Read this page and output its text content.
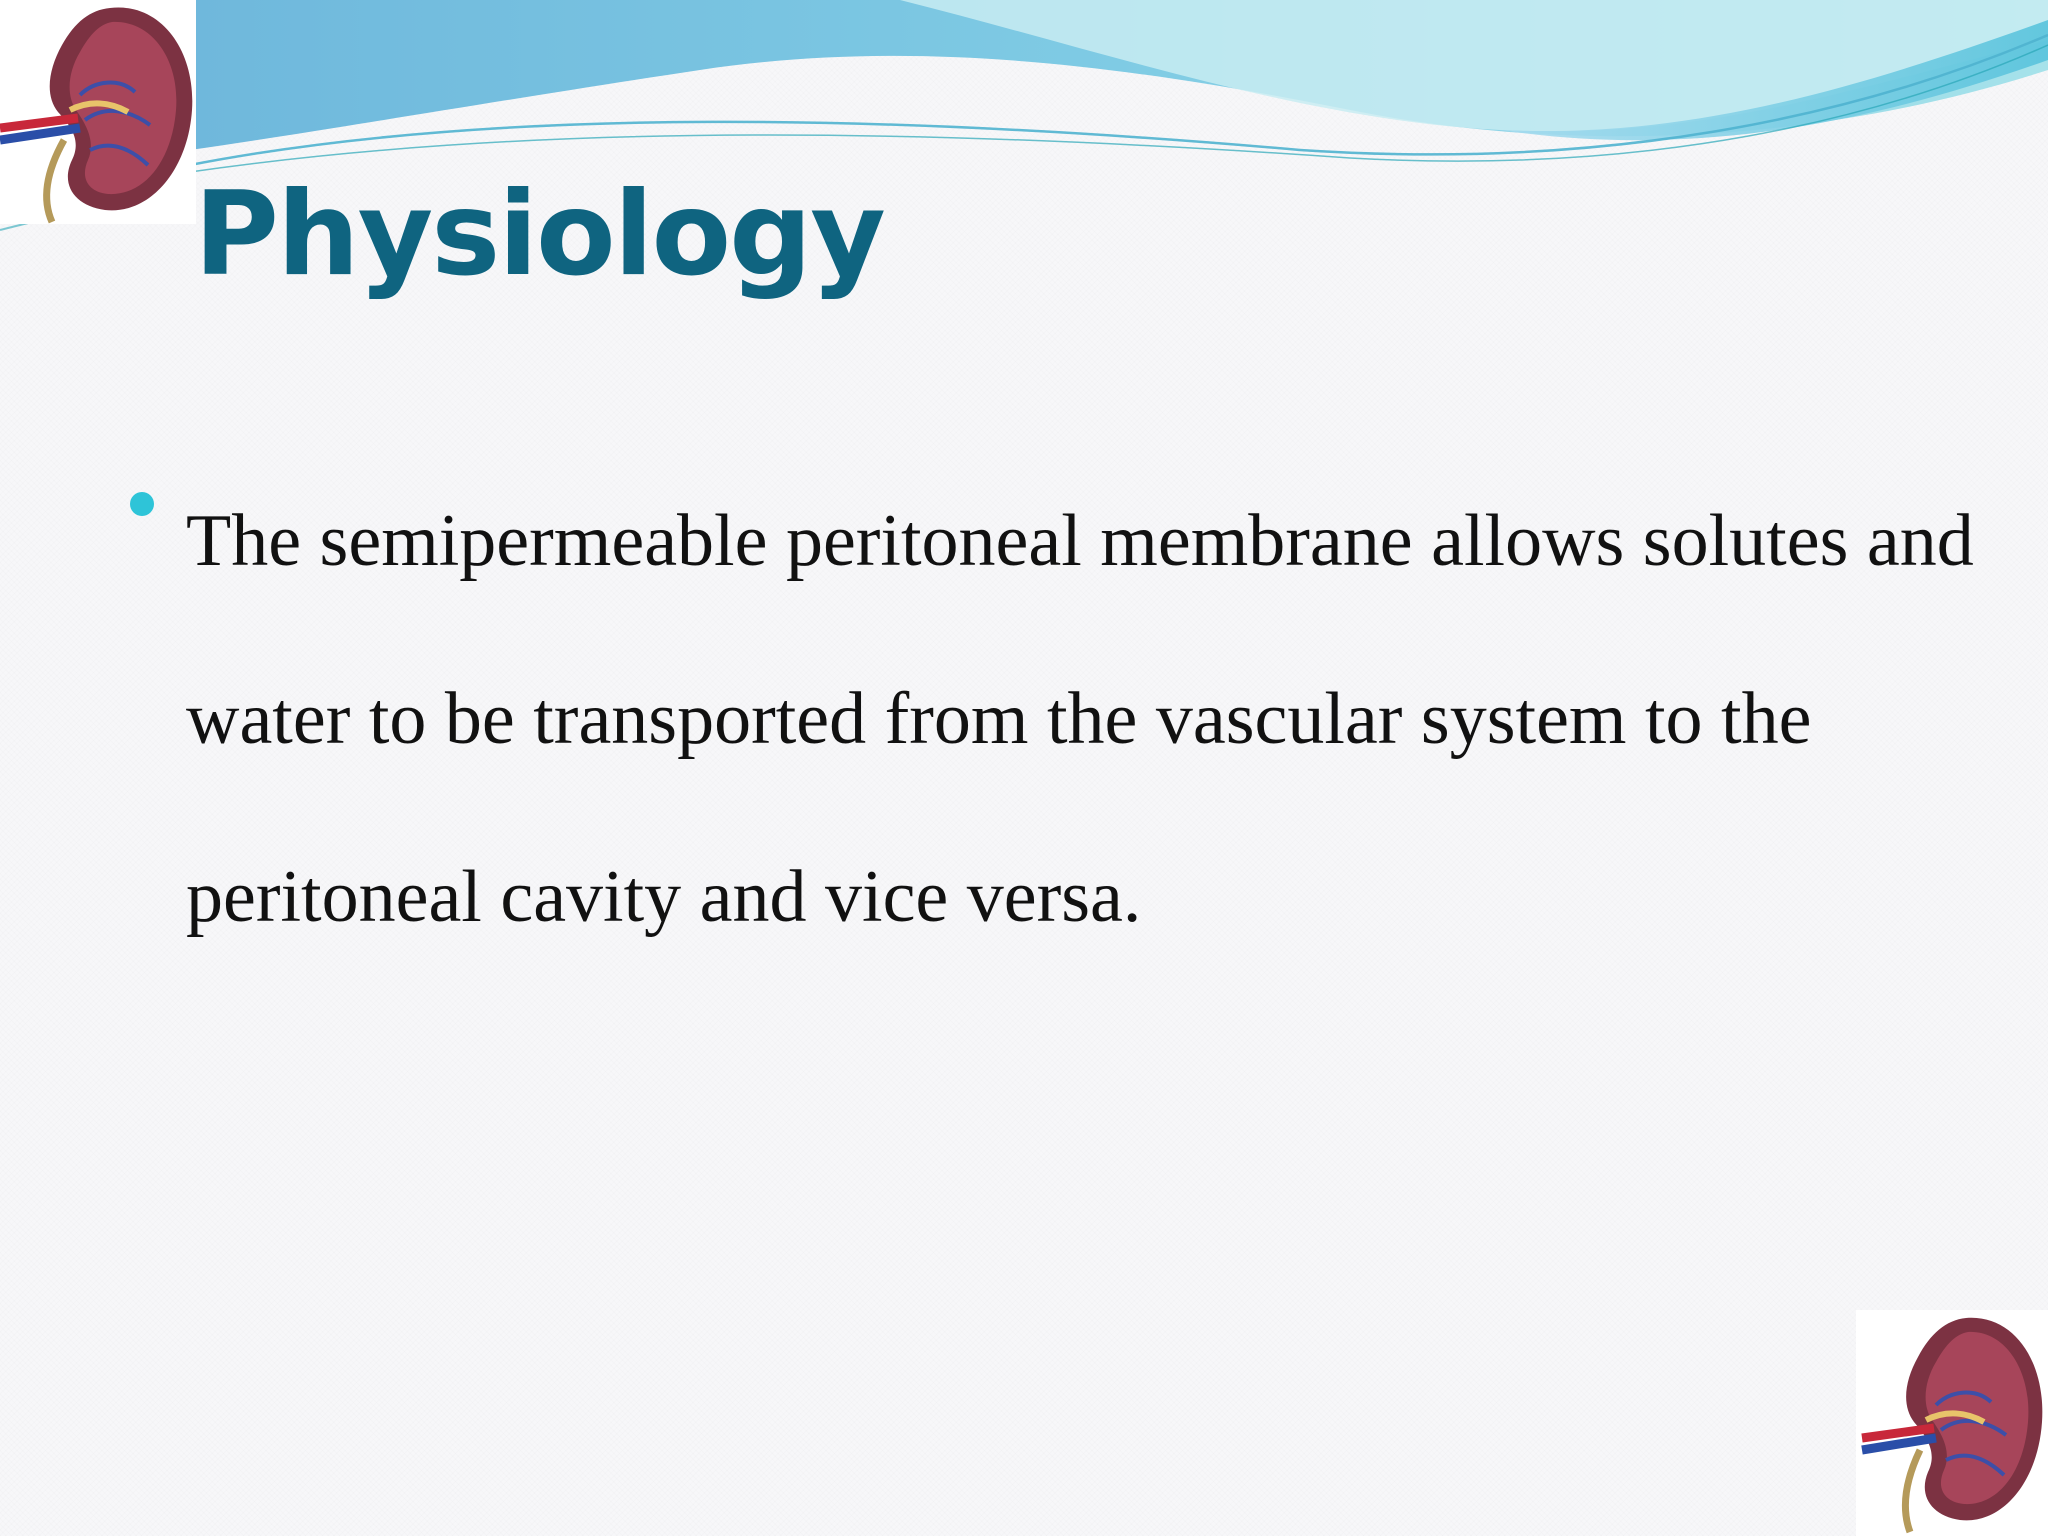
Physiology
The semipermeable peritoneal membrane allows solutes and water to be transported from the vascular system to the peritoneal cavity and vice versa.
